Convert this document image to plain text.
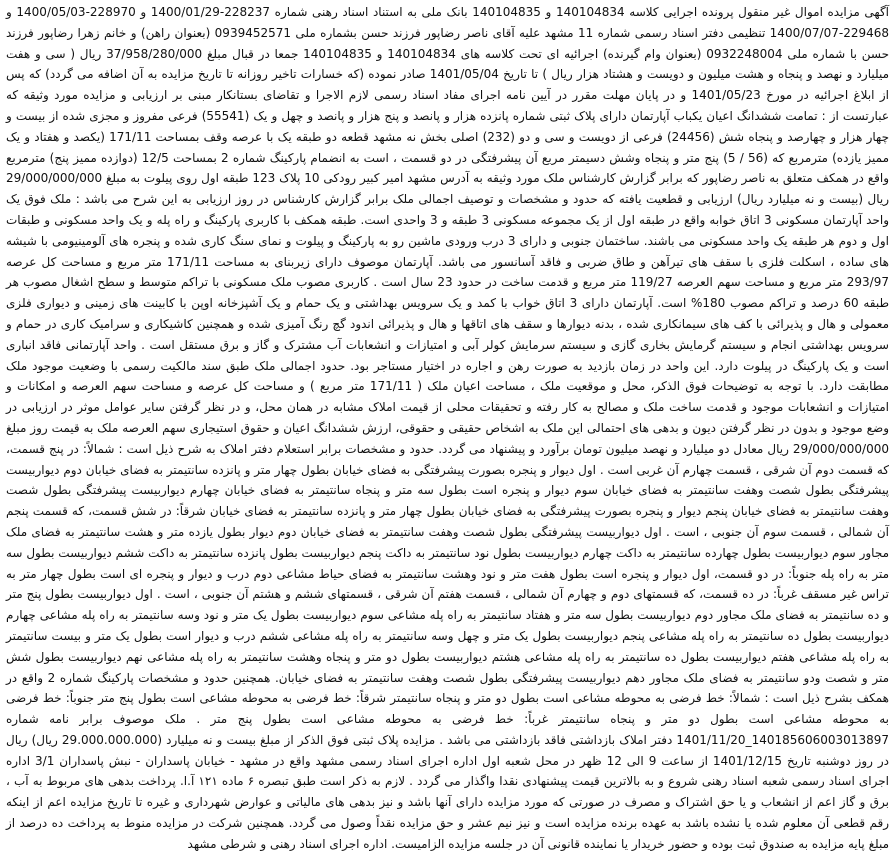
آگهی مزایده اموال غیر منقول پرونده اجرایی کلاسه 140104834 و 140104835 بانک ملی به استناد اسناد رهنی شماره 228237-1400/01/29 و 228970-1400/05/03 و 229468-1400/07/07 تنظیمی دفتر اسناد رسمی شماره 11 مشهد علیه آقای ناصر رضاپور فرزند حسن بشماره ملی 0939452571 (بعنوان راهن) و خانم زهرا رضاپور فرزند حسن با شماره ملی 0932248004 (بعنوان وام گیرنده) اجرائیه ای تحت کلاسه های 140104834 و 140104835 جمعا در قبال مبلغ 37/958/280/000 ریال ( سی و هفت میلیارد و نهصد و پنجاه و هشت میلیون و دویست و هشتاد هزار ریال ) تا تاریخ 1401/05/04 صادر نموده (که خسارات تاخیر روزانه تا تاریخ مزایده به آن اضافه می گردد) که پس از ابلاغ اجرائیه در مورخ 1401/05/23 و در پایان مهلت مقرر در آیین نامه اجرای مفاد اسناد رسمی لازم الاجرا و تقاضای بستانکار مبنی بر ارزیابی و مزایده مورد وثیقه که عبارتست از : تمامت ششدانگ اعیان یکباب آپارتمان دارای پلاک ثبتی شماره پانزده هزار و پانصد و پنج هزار و پانصد و چهل و یک (55541) فرعی مفروز و مجزی شده از بیست و چهار هزار و چهارصد و پنجاه شش (24456) فرعی از دویست و سی و دو (232) اصلی بخش نه مشهد قطعه دو طبقه یک با عرصه وقف بمساحت 171/11 (یکصد و هفتاد و یک ممیز یازده) مترمربع که (56 / 5) پنج متر و پنجاه وشش دسیمتر مربع آن پیشرفتگی در دو قسمت ، است به انضمام پارکینگ شماره 2 بمساحت 12/5 (دوازده ممیز پنج) مترمربع واقع در همکف متعلق به ناصر رضاپور که برابر گزارش کارشناس ملک مورد وثیقه به آدرس مشهد امیر کبیر رودکی 10 پلاک 123 طبقه اول روی پیلوت به مبلغ 29/000/000/000 ریال (بیست و نه میلیارد ریال) ارزیابی و قطعیت یافته که حدود و مشخصات و توصیف اجمالی ملک برابر گزارش کارشناس در روز ارزیابی به این شرح می باشد : ملک فوق یک واحد آپارتمان مسکونی 3 اتاق خوابه واقع در طبقه اول از یک مجموعه مسکونی 3 طبقه و 3 واحدی است. طبقه همکف با کاربری پارکینگ و راه پله و یک واحد مسکونی و طبقات اول و دوم هر طبقه یک واحد مسکونی می باشند. ساختمان جنوبی و دارای 3 درب ورودی ماشین رو به پارکینگ و پیلوت و نمای سنگ کاری شده و پنجره های آلومینیومی با شیشه های ساده ، اسکلت فلزی با سقف های تیرآهن و طاق ضربی و فاقد آسانسور می باشد. آپارتمان موصوف دارای زیربنای به مساحت 171/11 متر مربع و مساحت کل عرصه 293/97 متر مربع و مساحت سهم العرصه 119/27 متر مربع و قدمت ساخت در حدود 23 سال است . کاربری مصوب ملک مسکونی با تراکم متوسط و سطح اشغال مصوب هر طبقه 60 درصد و تراکم مصوب 180% است. آپارتمان دارای 3 اتاق خواب با کمد و یک سرویس بهداشتی و یک حمام و یک آشپزخانه اوپن با کابینت های زمینی و دیواری فلزی معمولی و هال و پذیرائی با کف های سیمانکاری شده ، بدنه دیوارها و سقف های اتاقها و هال و پذیرائی اندود گچ رنگ آمیزی شده و همچنین کاشیکاری و سرامیک کاری در حمام و سرویس بهداشتی انجام و سیستم گرمایش بخاری گازی و سیستم سرمایش کولر آبی و امتیازات و انشعابات آب مشترک و گاز و برق مستقل است . واحد آپارتمانی فاقد انباری است و یک پارکینگ در پیلوت دارد. این واحد در زمان بازدید به صورت رهن و اجاره در اختیار مستاجر بود. حدود اجمالی ملک طبق سند مالکیت رسمی با وضعیت موجود ملک مطابقت دارد. با توجه به توضیحات فوق الذکر، محل و موقعیت ملک ، مساحت اعیان ملک ( 171/11 متر مربع ) و مساحت کل عرصه و مساحت سهم العرصه و امکانات و امتیازات و انشعابات موجود و قدمت ساخت ملک و مصالح به کار رفته و تحقیقات محلی از قیمت املاک مشابه در همان محل، و در نظر گرفتن سایر عوامل موثر در ارزیابی در وضع موجود و بدون در نظر گرفتن دیون و بدهی های احتمالی این ملک به اشخاص حقیقی و حقوقی، ارزش ششدانگ اعیان و حقوق استیجاری سهم العرصه ملک به قیمت روز مبلغ 29/000/000/000 ریال معادل دو میلیارد و نهصد میلیون تومان برآورد و پیشنهاد می گردد. حدود و مشخصات برابر استعلام دفتر املاک به شرح ذیل است : شمالاً: در پنج قسمت، که قسمت دوم آن شرقی ، قسمت چهارم آن غربی است . اول دیوار و پنجره بصورت پیشرفتگی به فضای خیابان بطول چهار متر و پانزده سانتیمتر به فضای خیابان دوم دیواربیست پیشرفتگی بطول شصت وهفت سانتیمتر به فضای خیابان سوم دیوار و پنجره است بطول سه متر و پنجاه سانتیمتر به فضای خیابان چهارم دیواربیست پیشرفتگی بطول شصت وهفت سانتیمتر به فضای خیابان پنجم دیوار و پنجره بصورت پیشرفتگی به فضای خیابان بطول چهار متر و پانزده سانتیمتر به فضای خیابان شرقاً: در شش قسمت، که قسمت پنجم آن شمالی ، قسمت سوم آن جنوبی ، است . اول دیواربیست پیشرفتگی بطول شصت وهفت سانتیمتر به فضای خیابان دوم دیوار بطول یازده متر و هشت سانتیمتر به فضای ملک مجاور سوم دیواربیست بطول چهارده سانتیمتر به داکت چهارم دیواربیست بطول نود سانتیمتر به داکت پنجم دیواربیست بطول پانزده سانتیمتر به داکت ششم دیواربیست بطول سه متر به راه پله جنوباً: در دو قسمت، اول دیوار و پنجره است بطول هفت متر و نود وهشت سانتیمتر به فضای حیاط مشاعی دوم درب و دیوار و پنجره ای است بطول چهار متر به تراس غیر مسقف غرباً: در ده قسمت، که قسمتهای دوم و چهارم آن شمالی ، قسمت هفتم آن شرقی ، قسمتهای ششم و هشتم آن جنوبی ، است . اول دیواربیست بطول پنج متر و ده سانتیمتر به فضای ملک مجاور دوم دیواربیست بطول سه متر و هفتاد سانتیمتر به راه پله مشاعی سوم دیواربیست بطول یک متر و نود وسه سانتیمتر به راه پله مشاعی چهارم دیواربیست بطول ده سانتیمتر به راه پله مشاعی پنجم دیواربیست بطول یک متر و چهل وسه سانتیمتر به راه پله مشاعی ششم درب و دیوار است بطول یک متر و بیست سانتیمتر به راه پله مشاعی هفتم دیواربیست بطول ده سانتیمتر به راه پله مشاعی هشتم دیواربیست بطول دو متر و پنجاه وهشت سانتیمتر به راه پله مشاعی نهم دیواربیست بطول شش متر و شصت ودو سانتیمتر به فضای ملک مجاور دهم دیواربیست پیشرفتگی بطول شصت وهفت سانتیمتر به فضای خیابان. همچنین حدود و مشخصات پارکینگ شماره 2 واقع در همکف بشرح ذیل است : شمالاً: خط فرضی به محوطه مشاعی است بطول دو متر و پنجاه سانتیمتر شرقاً: خط فرضی به محوطه مشاعی است بطول پنج متر جنوباً: خط فرضی به محوطه مشاعی است بطول دو متر و پنجاه سانتیمتر غرباً: خط فرضی به محوطه مشاعی است بطول پنج متر . ملک موصوف برابر نامه شماره 140185606003013897_1401/11/20 دفتر املاک بازداشتی فاقد بازداشتی می باشد . مزایده پلاک ثبتی فوق الذکر از مبلغ بیست و نه میلیارد (29.000.000.000 ریال) ریال در روز دوشنبه تاریخ 1401/12/15 از ساعت 9 الی 12 ظهر در محل شعبه اول اداره اجرای اسناد رسمی مشهد واقع در مشهد - خیابان پاسداران - نبش پاسداران 3/1 اداره اجرای اسناد رسمی شعبه اسناد رهنی شروع و به بالاترین قیمت پیشنهادی نقدا واگذار می گردد . لازم به ذکر است طبق تبصره ۶ ماده ۱۲۱ آ.ا. پرداخت بدهی های مربوط به آب ، برق و گاز اعم از انشعاب و یا حق اشتراک و مصرف در صورتی که مورد مزایده دارای آنها باشد و نیز بدهی های مالیاتی و عوارض شهرداری و غیره تا تاریخ مزایده اعم از اینکه رقم قطعی آن معلوم شده یا نشده باشد به عهده برنده مزایده است و نیز نیم عشر و حق مزایده نقداً وصول می گردد. همچنین شرکت در مزایده منوط به پرداخت ده درصد از مبلغ پایه مزایده به صندوق ثبت بوده و حضور خریدار یا نماینده قانونی آن در جلسه مزایده الزامیست. اداره اجرای اسناد رهنی و شرطی مشهد
